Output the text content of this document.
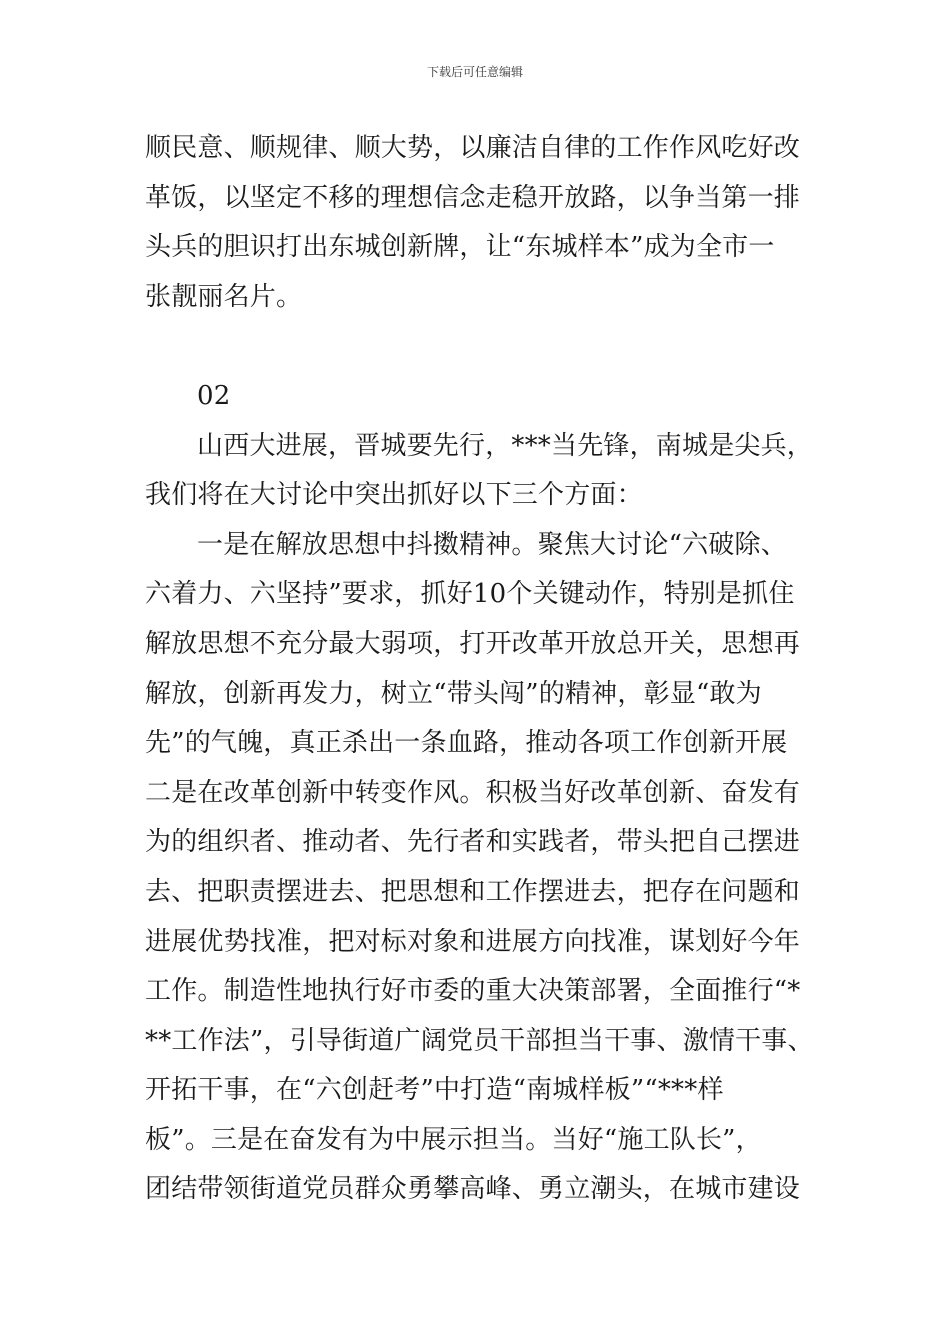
下载后可任意编辑
顺民意、顺规律、顺大势，以廉洁自律的工作作风吃好改
革饭，以坚定不移的理想信念走稳开放路，以争当第一排
头兵的胆识打出东城创新牌，让“东城样本”成为全市一
张靓丽名片。
02
山西大进展，晋城要先行，***当先锋，南城是尖兵，
我们将在大讨论中突出抓好以下三个方面：
一是在解放思想中抖擞精神。聚焦大讨论“六破除、
六着力、六坚持”要求，抓好10个关键动作，特别是抓住
解放思想不充分最大弱项，打开改革开放总开关，思想再
解放，创新再发力，树立“带头闯”的精神，彰显“敢为
先”的气魄，真正杀出一条血路，推动各项工作创新开展
二是在改革创新中转变作风。积极当好改革创新、奋发有
为的组织者、推动者、先行者和实践者，带头把自己摆进
去、把职责摆进去、把思想和工作摆进去，把存在问题和
进展优势找准，把对标对象和进展方向找准，谋划好今年
工作。制造性地执行好市委的重大决策部署，全面推行“*
**工作法”，引导街道广阔党员干部担当干事、激情干事、
开拓干事，在“六创赶考”中打造“南城样板”“***样
板”。三是在奋发有为中展示担当。当好“施工队长”，
团结带领街道党员群众勇攀高峰、勇立潮头，在城市建设
